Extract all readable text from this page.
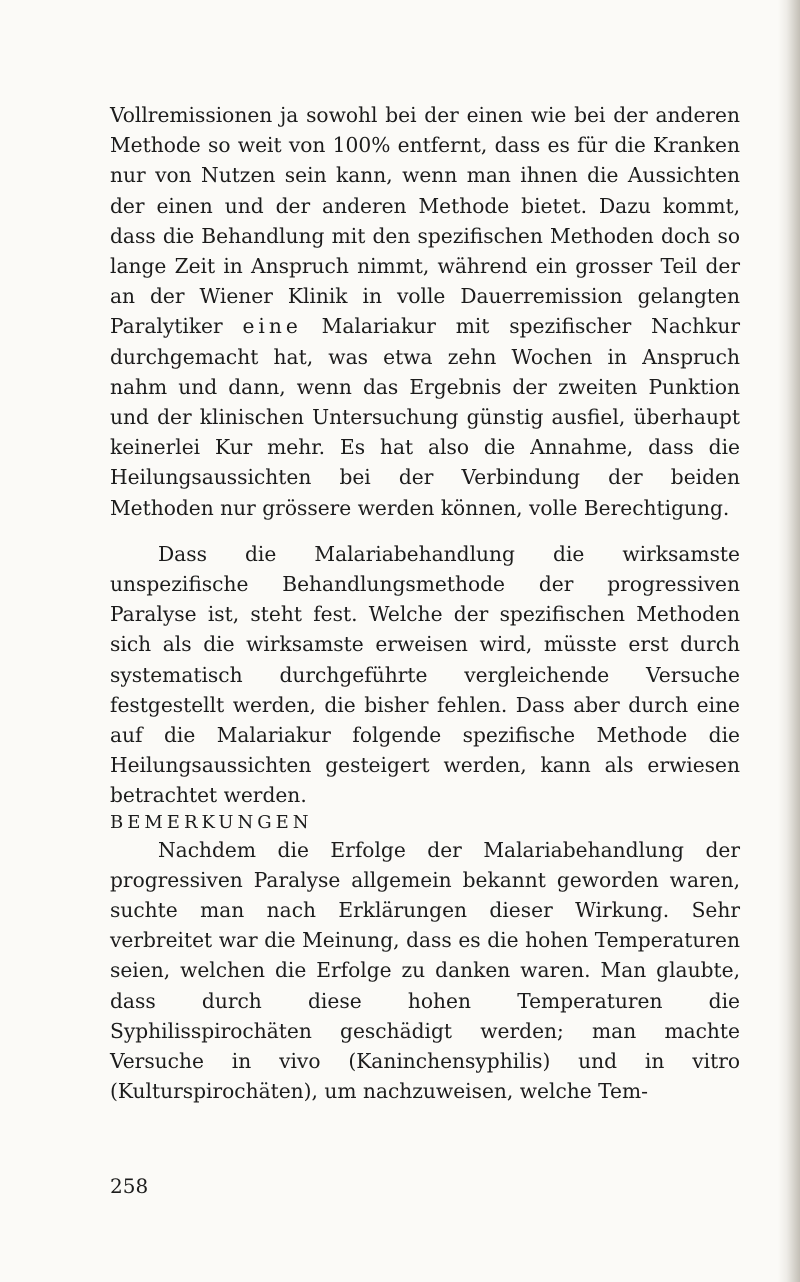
Vollremissionen ja sowohl bei der einen wie bei der anderen Methode so weit von 100% entfernt, dass es für die Kranken nur von Nutzen sein kann, wenn man ihnen die Aussichten der einen und der anderen Methode bietet. Dazu kommt, dass die Behandlung mit den spezifischen Methoden doch so lange Zeit in Anspruch nimmt, während ein grosser Teil der an der Wiener Klinik in volle Dauerremission gelangten Paralytiker eine Malariakur mit spezifischer Nachkur durchgemacht hat, was etwa zehn Wochen in Anspruch nahm und dann, wenn das Ergebnis der zweiten Punktion und der klinischen Untersuchung günstig ausfiel, überhaupt keinerlei Kur mehr. Es hat also die Annahme, dass die Heilungsaussichten bei der Verbindung der beiden Methoden nur grössere werden können, volle Berechtigung.

Dass die Malariabehandlung die wirksamste unspezifische Behandlungsmethode der progressiven Paralyse ist, steht fest. Welche der spezifischen Methoden sich als die wirksamste erweisen wird, müsste erst durch systematisch durchgeführte vergleichende Versuche festgestellt werden, die bisher fehlen. Dass aber durch eine auf die Malariakur folgende spezifische Methode die Heilungsaussichten gesteigert werden, kann als erwiesen betrachtet werden.

BEMERKUNGEN

Nachdem die Erfolge der Malariabehandlung der progressiven Paralyse allgemein bekannt geworden waren, suchte man nach Erklärungen dieser Wirkung. Sehr verbreitet war die Meinung, dass es die hohen Temperaturen seien, welchen die Erfolge zu danken waren. Man glaubte, dass durch diese hohen Temperaturen die Syphilisspirochäten geschädigt werden; man machte Versuche in vivo (Kaninchensyphilis) und in vitro (Kulturspirochäten), um nachzuweisen, welche Tem-

258
